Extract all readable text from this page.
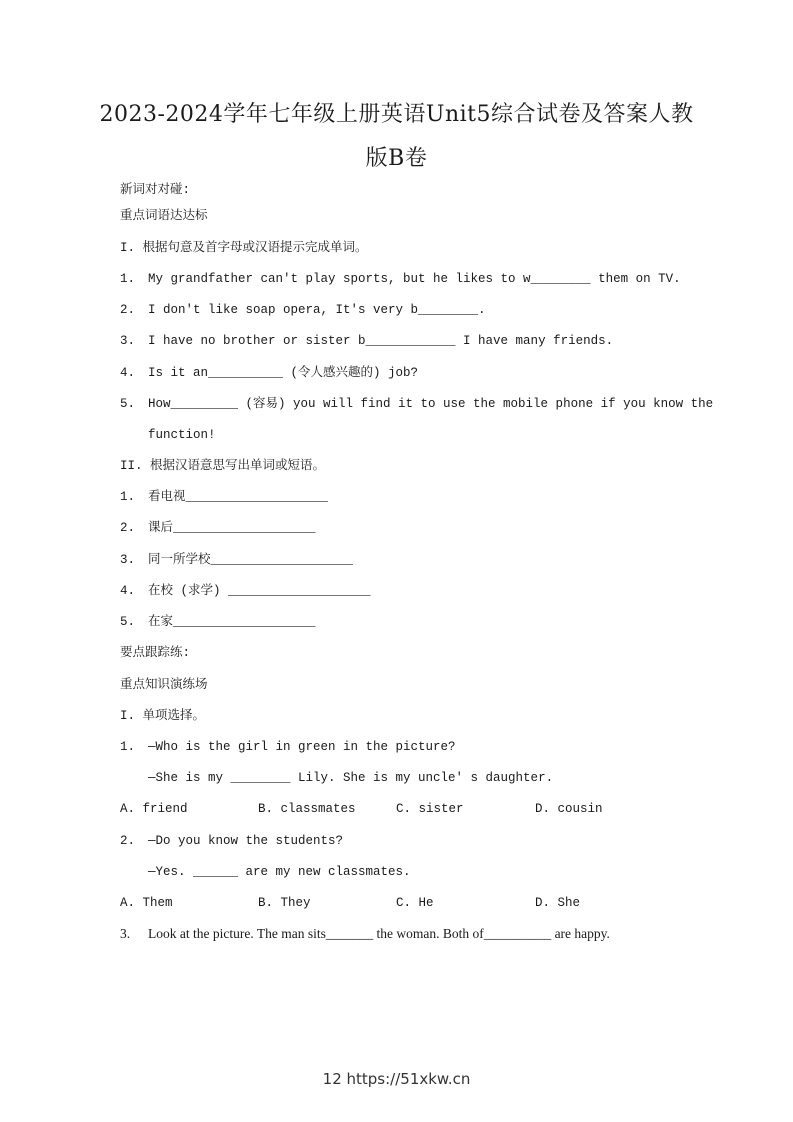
2023-2024学年七年级上册英语Unit5综合试卷及答案人教
版B卷
新词对对碰:
重点词语达达标
I. 根据句意及首字母或汉语提示完成单词。
1. My grandfather can't play sports, but he likes to w________ them on TV.
2. I don't like soap opera, It's very b________.
3. I have no brother or sister b____________ I have many friends.
4. Is it an__________ (令人感兴趣的) job?
5. How_________ (容易) you will find it to use the mobile phone if you know the
function!
II. 根据汉语意思写出单词或短语。
1. 看电视___________________
2. 课后___________________
3. 同一所学校___________________
4. 在校 (求学) ___________________
5. 在家___________________
要点跟踪练:
重点知识演练场
I. 单项选择。
1. —Who is the girl in green in the picture?
—She is my ________ Lily. She is my uncle' s daughter.
A. friend	B. classmates	C. sister	D. cousin
2. —Do you know the students?
—Yes. ______ are my new classmates.
A. Them	B. They	C. He	D. She
3. Look at the picture. The man sits_______ the woman. Both of__________ are happy.
12 https://51xkw.cn
